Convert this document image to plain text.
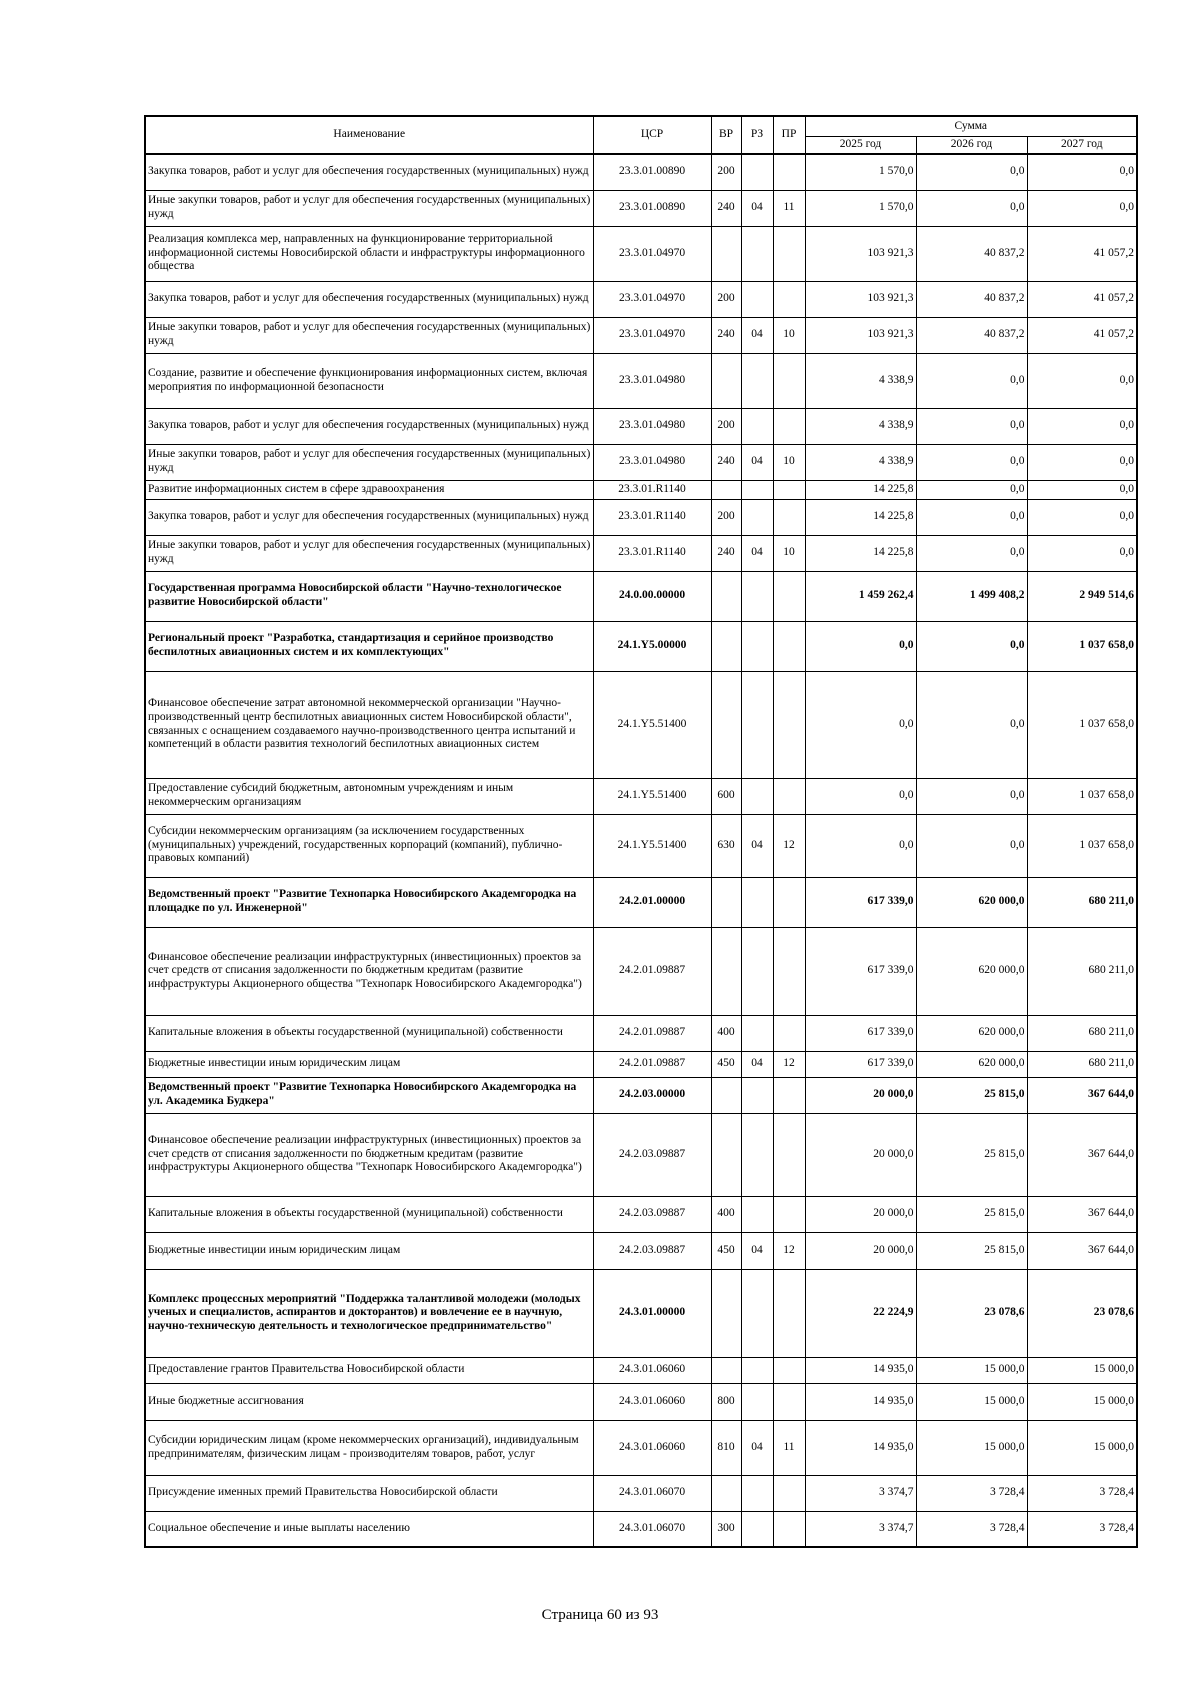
Наименование	ЦСР	ВР	РЗ	ПР	Сумма		
					2025 год	2026 год	2027 год
Закупка товаров, работ и услуг для обеспечения государственных (муниципальных) нужд	23.3.01.00890	200			1 570,0	0,0	0,0
Иные закупки товаров, работ и услуг для обеспечения государственных (муниципальных) нужд	23.3.01.00890	240	04	11	1 570,0	0,0	0,0
Реализация комплекса мер, направленных на функционирование территориальной информационной системы Новосибирской области и инфраструктуры информационного общества	23.3.01.04970				103 921,3	40 837,2	41 057,2
Закупка товаров, работ и услуг для обеспечения государственных (муниципальных) нужд	23.3.01.04970	200			103 921,3	40 837,2	41 057,2
Иные закупки товаров, работ и услуг для обеспечения государственных (муниципальных) нужд	23.3.01.04970	240	04	10	103 921,3	40 837,2	41 057,2
Создание, развитие и обеспечение функционирования информационных систем, включая мероприятия по информационной безопасности	23.3.01.04980				4 338,9	0,0	0,0
Закупка товаров, работ и услуг для обеспечения государственных (муниципальных) нужд	23.3.01.04980	200			4 338,9	0,0	0,0
Иные закупки товаров, работ и услуг для обеспечения государственных (муниципальных) нужд	23.3.01.04980	240	04	10	4 338,9	0,0	0,0
Развитие информационных систем в сфере здравоохранения	23.3.01.R1140				14 225,8	0,0	0,0
Закупка товаров, работ и услуг для обеспечения государственных (муниципальных) нужд	23.3.01.R1140	200			14 225,8	0,0	0,0
Иные закупки товаров, работ и услуг для обеспечения государственных (муниципальных) нужд	23.3.01.R1140	240	04	10	14 225,8	0,0	0,0
Государственная программа Новосибирской области "Научно-технологическое развитие Новосибирской области"	24.0.00.00000				1 459 262,4	1 499 408,2	2 949 514,6
Региональный проект "Разработка, стандартизация и серийное производство беспилотных авиационных систем и их комплектующих"	24.1.Y5.00000				0,0	0,0	1 037 658,0
Финансовое обеспечение затрат автономной некоммерческой организации "Научно-производственный центр беспилотных авиационных систем Новосибирской области", связанных с оснащением создаваемого научно-производственного центра испытаний и компетенций в области развития технологий беспилотных авиационных систем	24.1.Y5.51400				0,0	0,0	1 037 658,0
Предоставление субсидий бюджетным, автономным учреждениям и иным некоммерческим организациям	24.1.Y5.51400	600			0,0	0,0	1 037 658,0
Субсидии некоммерческим организациям (за исключением государственных (муниципальных) учреждений, государственных корпораций (компаний), публично-правовых компаний)	24.1.Y5.51400	630	04	12	0,0	0,0	1 037 658,0
Ведомственный проект "Развитие Технопарка Новосибирского Академгородка на площадке по ул. Инженерной"	24.2.01.00000				617 339,0	620 000,0	680 211,0
Финансовое обеспечение реализации инфраструктурных (инвестиционных) проектов за счет средств от списания задолженности по бюджетным кредитам (развитие инфраструктуры Акционерного общества "Технопарк Новосибирского Академгородка")	24.2.01.09887				617 339,0	620 000,0	680 211,0
Капитальные вложения в объекты государственной (муниципальной) собственности	24.2.01.09887	400			617 339,0	620 000,0	680 211,0
Бюджетные инвестиции иным юридическим лицам	24.2.01.09887	450	04	12	617 339,0	620 000,0	680 211,0
Ведомственный проект "Развитие Технопарка Новосибирского Академгородка на ул. Академика Будкера"	24.2.03.00000				20 000,0	25 815,0	367 644,0
Финансовое обеспечение реализации инфраструктурных (инвестиционных) проектов за счет средств от списания задолженности по бюджетным кредитам (развитие инфраструктуры Акционерного общества "Технопарк Новосибирского Академгородка")	24.2.03.09887				20 000,0	25 815,0	367 644,0
Капитальные вложения в объекты государственной (муниципальной) собственности	24.2.03.09887	400			20 000,0	25 815,0	367 644,0
Бюджетные инвестиции иным юридическим лицам	24.2.03.09887	450	04	12	20 000,0	25 815,0	367 644,0
Комплекс процессных мероприятий "Поддержка талантливой молодежи (молодых ученых и специалистов, аспирантов и докторантов) и вовлечение ее в научную, научно-техническую деятельность и технологическое предпринимательство"	24.3.01.00000				22 224,9	23 078,6	23 078,6
Предоставление грантов Правительства Новосибирской области	24.3.01.06060				14 935,0	15 000,0	15 000,0
Иные бюджетные ассигнования	24.3.01.06060	800			14 935,0	15 000,0	15 000,0
Субсидии юридическим лицам (кроме некоммерческих организаций), индивидуальным предпринимателям, физическим лицам - производителям товаров, работ, услуг	24.3.01.06060	810	04	11	14 935,0	15 000,0	15 000,0
Присуждение именных премий Правительства Новосибирской области	24.3.01.06070				3 374,7	3 728,4	3 728,4
Социальное обеспечение и иные выплаты населению	24.3.01.06070	300			3 374,7	3 728,4	3 728,4
Страница 60 из 93
